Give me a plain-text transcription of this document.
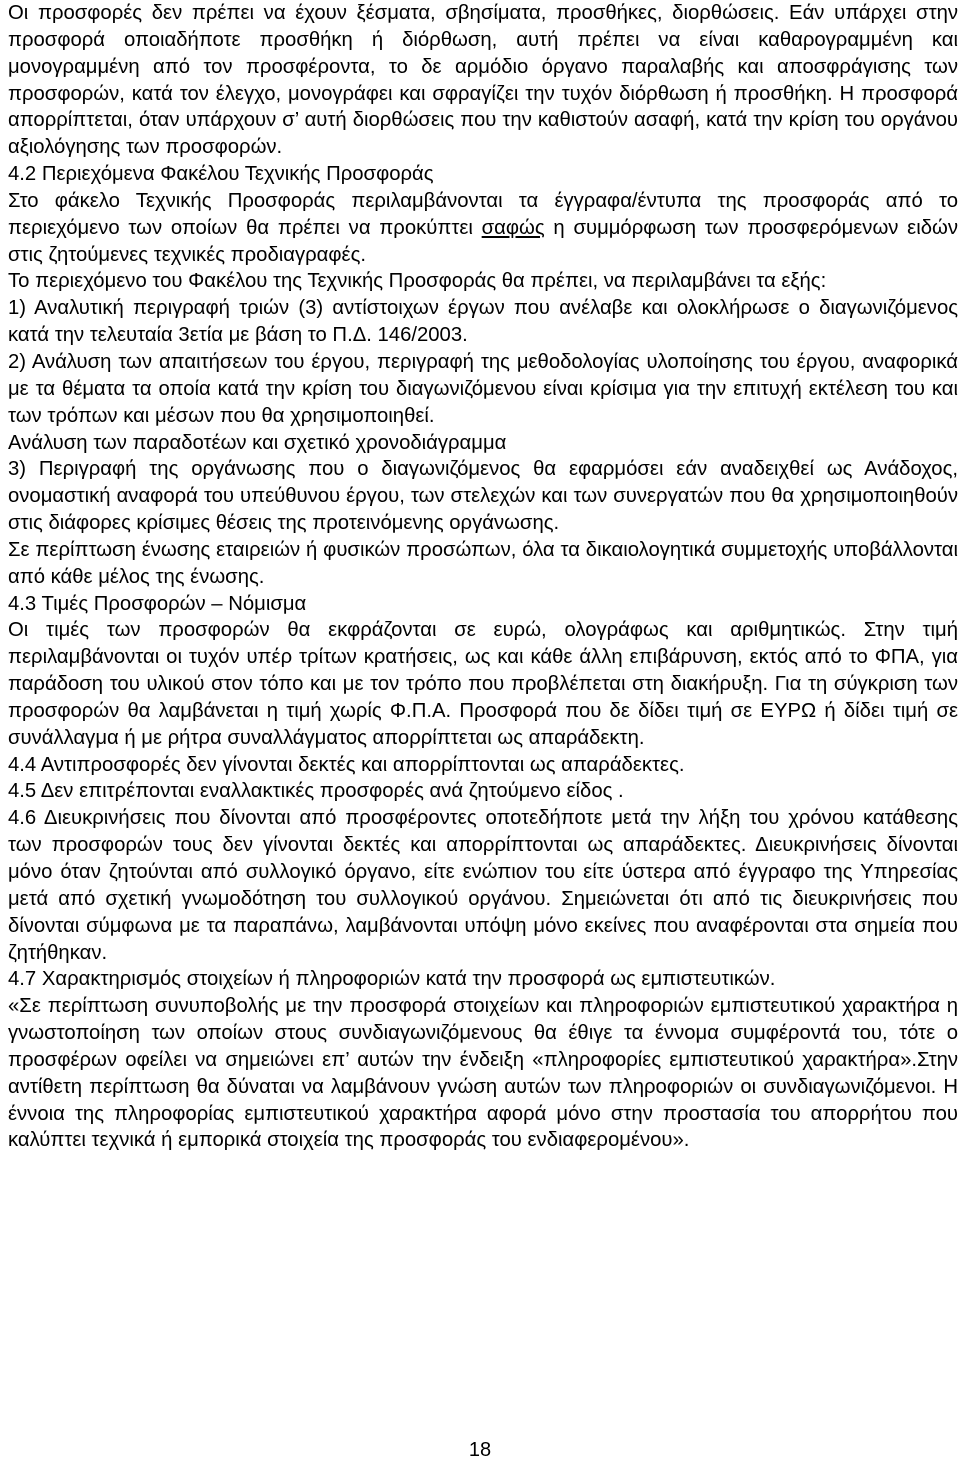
Οι προσφορές δεν πρέπει να έχουν ξέσματα, σβησίματα, προσθήκες, διορθώσεις. Εάν υπάρχει στην προσφορά οποιαδήποτε προσθήκη ή διόρθωση, αυτή πρέπει να είναι καθαρογραμμένη και μονογραμμένη από τον προσφέροντα, το δε αρμόδιο όργανο παραλαβής και αποσφράγισης των προσφορών, κατά τον έλεγχο, μονογράφει και σφραγίζει την τυχόν διόρθωση ή προσθήκη. Η προσφορά απορρίπτεται, όταν υπάρχουν σ’ αυτή διορθώσεις που την καθιστούν ασαφή, κατά την κρίση του οργάνου αξιολόγησης των προσφορών.

4.2 Περιεχόμενα Φακέλου Τεχνικής Προσφοράς

Στο φάκελο Τεχνικής Προσφοράς περιλαμβάνονται τα έγγραφα/έντυπα της προσφοράς από το περιεχόμενο των οποίων θα πρέπει να προκύπτει σαφώς η συμμόρφωση των προσφερόμενων ειδών στις ζητούμενες τεχνικές προδιαγραφές.

Το περιεχόμενο του Φακέλου της Τεχνικής Προσφοράς θα πρέπει, να περιλαμβάνει τα εξής:

1) Αναλυτική περιγραφή τριών (3) αντίστοιχων έργων που ανέλαβε και ολοκλήρωσε ο διαγωνιζόμενος κατά την τελευταία 3ετία με βάση το Π.Δ. 146/2003.

2) Ανάλυση των απαιτήσεων του έργου, περιγραφή της μεθοδολογίας υλοποίησης του έργου, αναφορικά με τα θέματα τα οποία κατά την κρίση του διαγωνιζόμενου είναι κρίσιμα για την επιτυχή εκτέλεση του και των τρόπων και μέσων που θα χρησιμοποιηθεί.

Ανάλυση των παραδοτέων και σχετικό χρονοδιάγραμμα

3) Περιγραφή της οργάνωσης που ο διαγωνιζόμενος θα εφαρμόσει εάν αναδειχθεί ως Ανάδοχος, ονομαστική αναφορά του υπεύθυνου έργου, των στελεχών και των συνεργατών που θα χρησιμοποιηθούν στις διάφορες κρίσιμες θέσεις της προτεινόμενης οργάνωσης.

Σε περίπτωση ένωσης εταιρειών ή φυσικών προσώπων, όλα τα δικαιολογητικά συμμετοχής υποβάλλονται από κάθε μέλος της ένωσης.

4.3 Τιμές Προσφορών – Νόμισμα

Οι τιμές των προσφορών θα εκφράζονται σε ευρώ, ολογράφως και αριθμητικώς. Στην τιμή περιλαμβάνονται οι τυχόν υπέρ τρίτων κρατήσεις, ως και κάθε άλλη επιβάρυνση, εκτός από το ΦΠΑ, για παράδοση του υλικού στον τόπο και με τον τρόπο που προβλέπεται στη διακήρυξη. Για τη σύγκριση των προσφορών θα λαμβάνεται η τιμή χωρίς Φ.Π.Α. Προσφορά που δε δίδει τιμή σε ΕΥΡΩ ή δίδει τιμή σε συνάλλαγμα ή με ρήτρα συναλλάγματος απορρίπτεται ως απαράδεκτη.

4.4 Αντιπροσφορές δεν γίνονται δεκτές και απορρίπτονται ως απαράδεκτες.

4.5 Δεν επιτρέπονται εναλλακτικές προσφορές ανά ζητούμενο είδος .

4.6 Διευκρινήσεις που δίνονται από προσφέροντες οποτεδήποτε μετά την λήξη του χρόνου κατάθεσης των προσφορών τους δεν γίνονται δεκτές και απορρίπτονται ως απαράδεκτες. Διευκρινήσεις δίνονται μόνο όταν ζητούνται από συλλογικό όργανο, είτε ενώπιον του είτε ύστερα από έγγραφο της Υπηρεσίας μετά από σχετική γνωμοδότηση του συλλογικού οργάνου. Σημειώνεται ότι από τις διευκρινήσεις που δίνονται σύμφωνα με τα παραπάνω, λαμβάνονται υπόψη μόνο εκείνες που αναφέρονται στα σημεία που ζητήθηκαν.

4.7 Χαρακτηρισμός στοιχείων ή πληροφοριών κατά την προσφορά ως εμπιστευτικών.

«Σε περίπτωση συνυποβολής με την προσφορά στοιχείων και πληροφοριών εμπιστευτικού χαρακτήρα η γνωστοποίηση των οποίων στους συνδιαγωνιζόμενους θα έθιγε τα έννομα συμφέροντά του, τότε ο προσφέρων οφείλει να σημειώνει επ’ αυτών την ένδειξη «πληροφορίες εμπιστευτικού χαρακτήρα».Στην αντίθετη περίπτωση θα δύναται να λαμβάνουν γνώση αυτών των πληροφοριών οι συνδιαγωνιζόμενοι. Η έννοια της πληροφορίας εμπιστευτικού χαρακτήρα αφορά μόνο στην προστασία του απορρήτου που καλύπτει τεχνικά ή εμπορικά στοιχεία της προσφοράς του ενδιαφερομένου».

18
